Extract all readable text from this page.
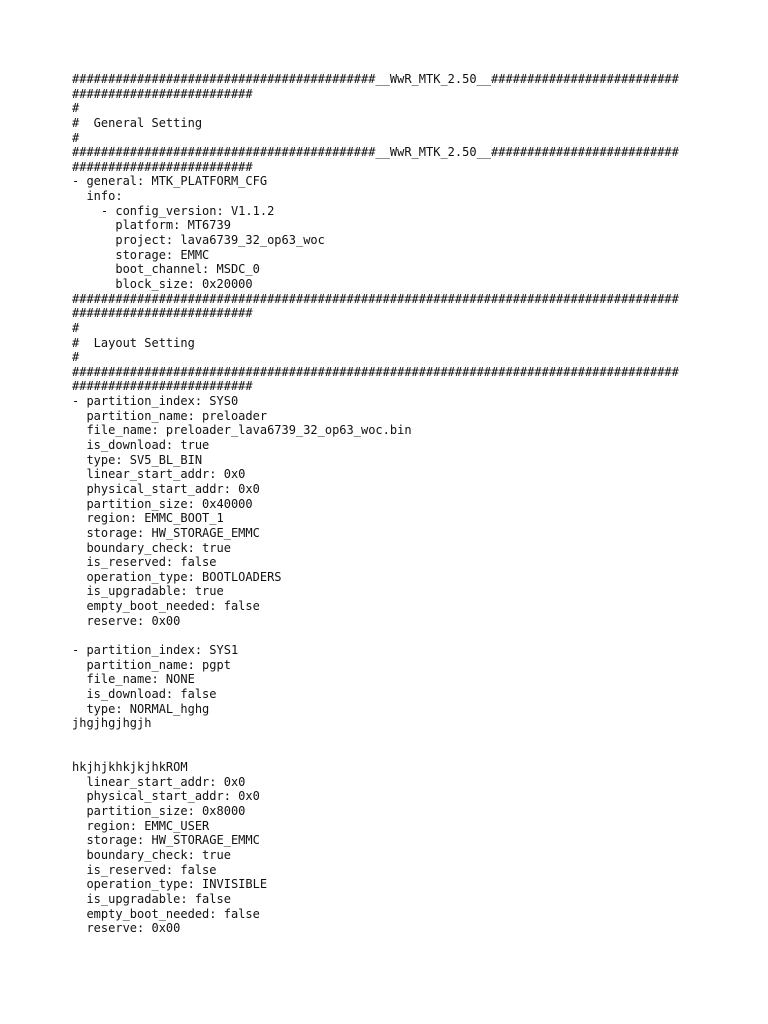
##########################################__WwR_MTK_2.50__##########################
#########################
#
#  General Setting
#
##########################################__WwR_MTK_2.50__##########################
#########################
- general: MTK_PLATFORM_CFG
info:
- config_version: V1.1.2
platform: MT6739
project: lava6739_32_op63_woc
storage: EMMC
boot_channel: MSDC_0
block_size: 0x20000
####################################################################################
#########################
#
#  Layout Setting
#
####################################################################################
#########################
- partition_index: SYS0
partition_name: preloader
file_name: preloader_lava6739_32_op63_woc.bin
is_download: true
type: SV5_BL_BIN
linear_start_addr: 0x0
physical_start_addr: 0x0
partition_size: 0x40000
region: EMMC_BOOT_1
storage: HW_STORAGE_EMMC
boundary_check: true
is_reserved: false
operation_type: BOOTLOADERS
is_upgradable: true
empty_boot_needed: false
reserve: 0x00
- partition_index: SYS1
partition_name: pgpt
file_name: NONE
is_download: false
type: NORMAL_hghg
jhgjhgjhgjh
hkjhjkhkjkjhkROM
linear_start_addr: 0x0
physical_start_addr: 0x0
partition_size: 0x8000
region: EMMC_USER
storage: HW_STORAGE_EMMC
boundary_check: true
is_reserved: false
operation_type: INVISIBLE
is_upgradable: false
empty_boot_needed: false
reserve: 0x00
